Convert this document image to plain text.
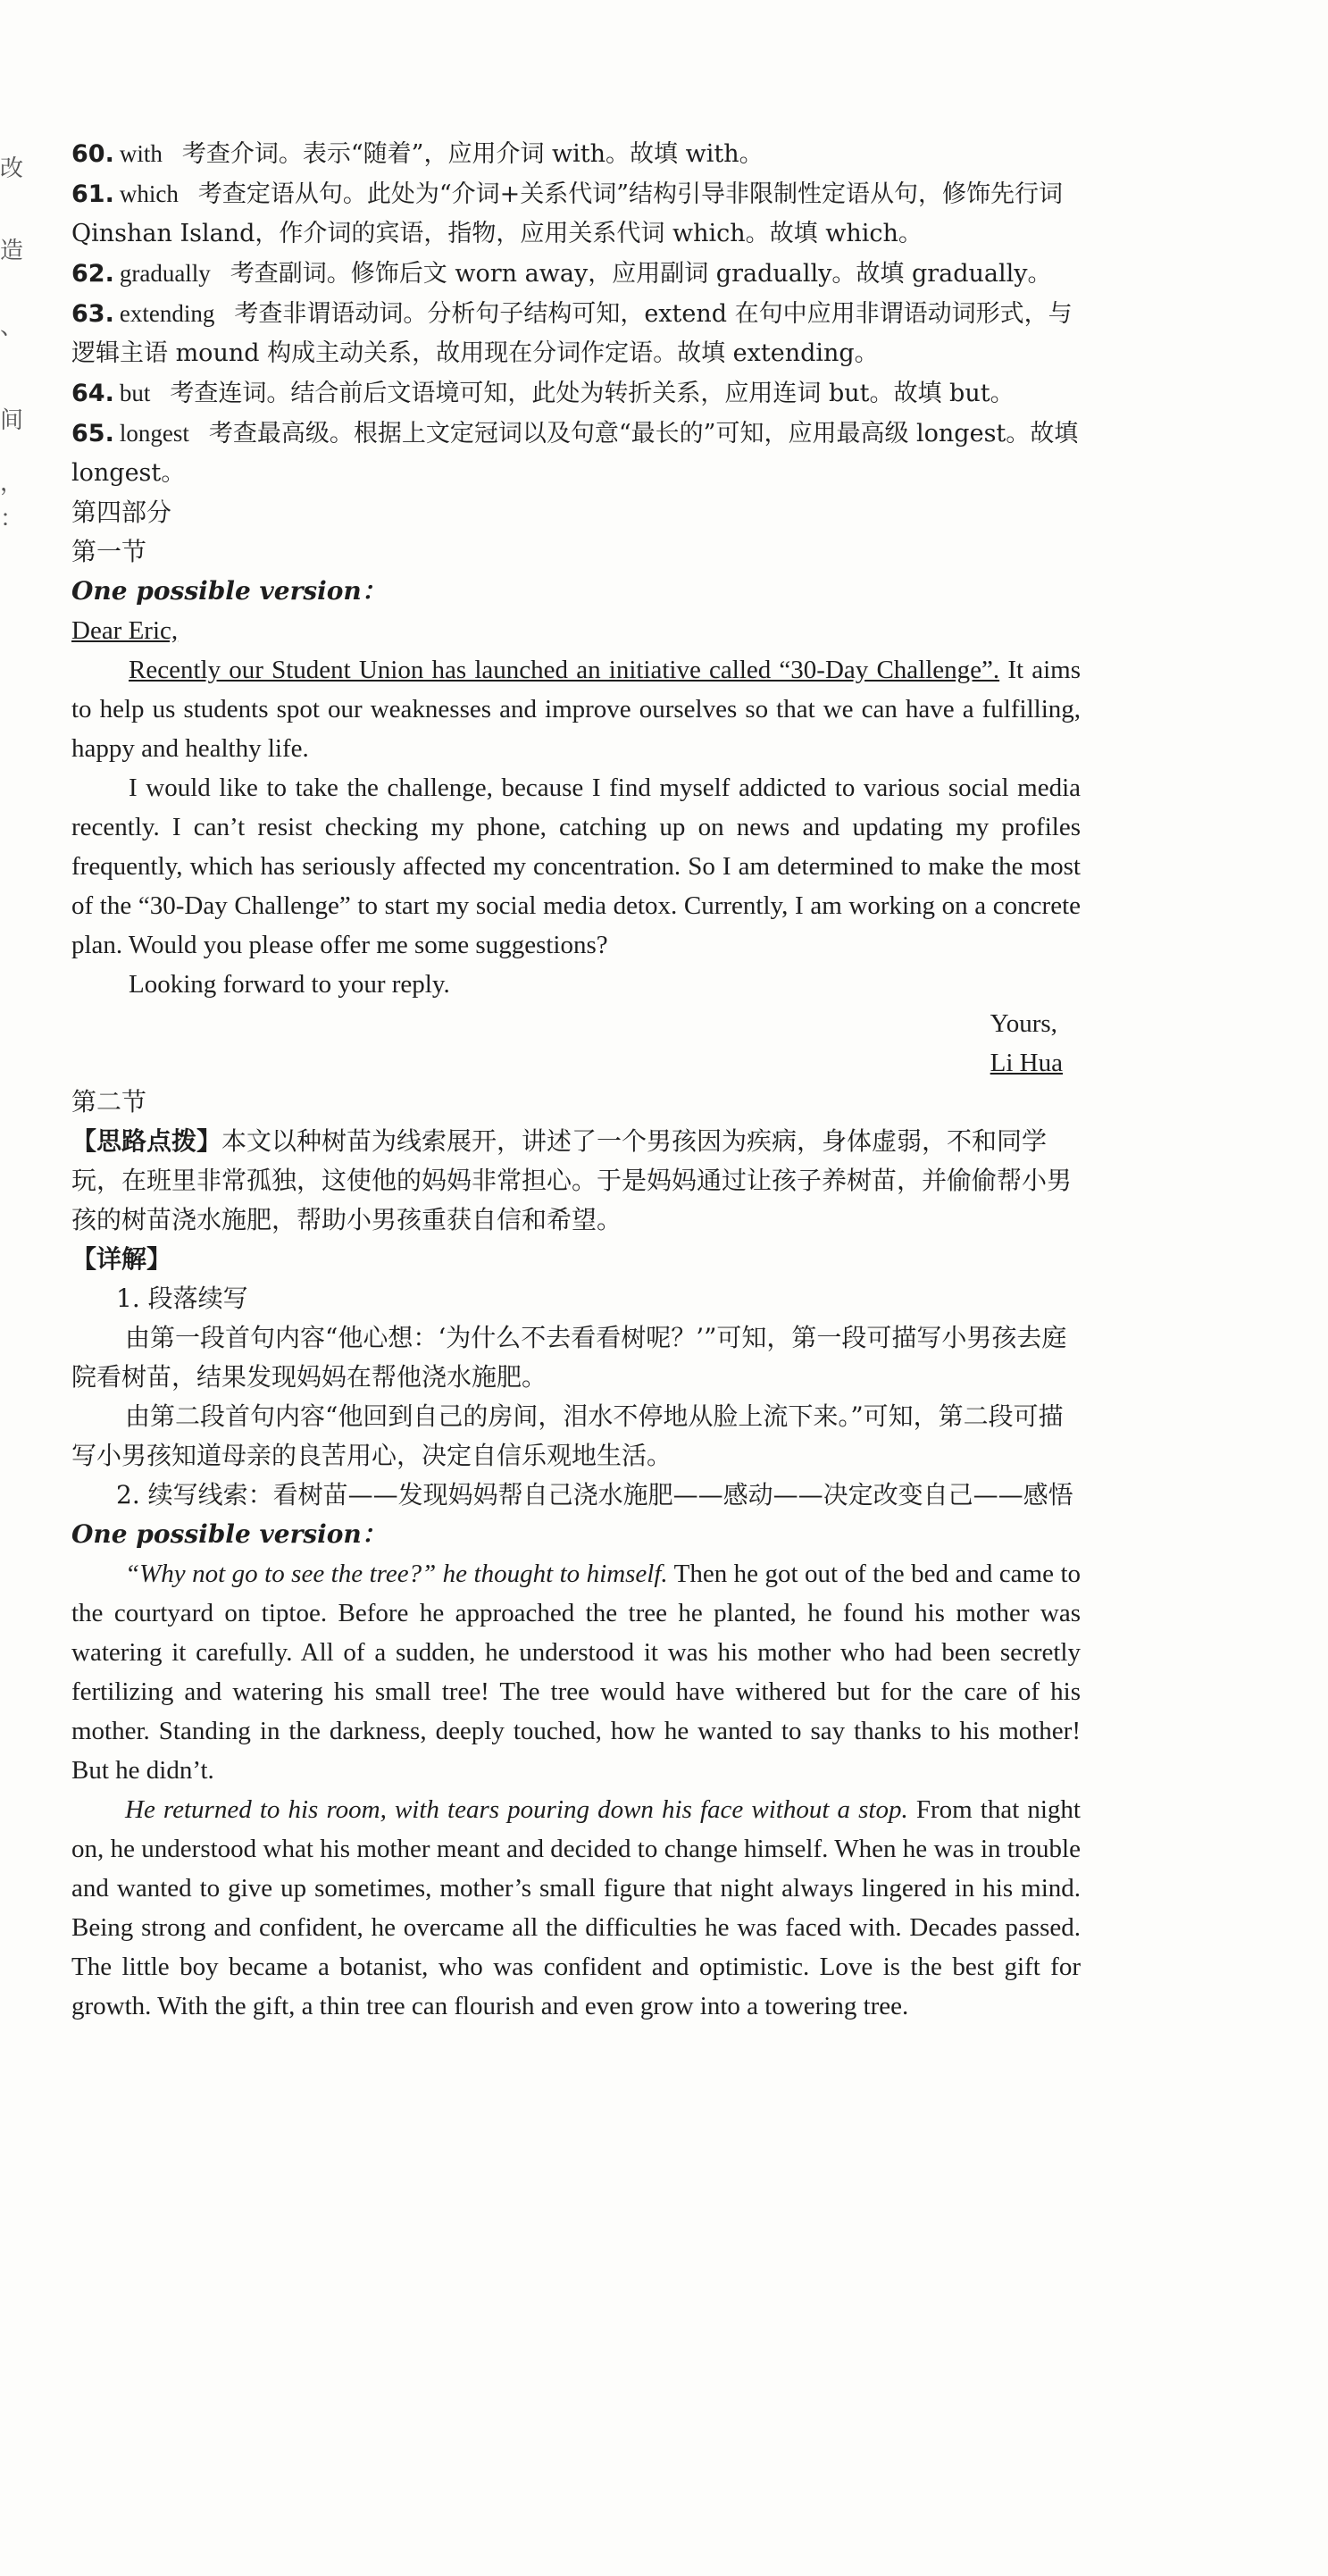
改
造
、
间
，
：
60. with 考查介词。表示“随着”，应用介词 with。故填 with。
61. which 考查定语从句。此处为“介词+关系代词”结构引导非限制性定语从句，修饰先行词 Qinshan Island，作介词的宾语，指物，应用关系代词 which。故填 which。
62. gradually 考查副词。修饰后文 worn away，应用副词 gradually。故填 gradually。
63. extending 考查非谓语动词。分析句子结构可知，extend 在句中应用非谓语动词形式，与逻辑主语 mound 构成主动关系，故用现在分词作定语。故填 extending。
64. but 考查连词。结合前后文语境可知，此处为转折关系，应用连词 but。故填 but。
65. longest 考查最高级。根据上文定冠词以及句意“最长的”可知，应用最高级 longest。故填 longest。
第四部分
第一节
One possible version：
Dear Eric,

Recently our Student Union has launched an initiative called “30-Day Challenge”. It aims to help us students spot our weaknesses and improve ourselves so that we can have a fulfilling, happy and healthy life.

I would like to take the challenge, because I find myself addicted to various social media recently. I can’t resist checking my phone, catching up on news and updating my profiles frequently, which has seriously affected my concentration. So I am determined to make the most of the “30-Day Challenge” to start my social media detox. Currently, I am working on a concrete plan. Would you please offer me some suggestions?

Looking forward to your reply.

Yours,
Li Hua
第二节
【思路点拨】本文以种树苗为线索展开，讲述了一个男孩因为疾病，身体虚弱，不和同学玩，在班里非常孤独，这使他的妈妈非常担心。于是妈妈通过让孩子养树苗，并偷偷帮小男孩的树苗浇水施肥，帮助小男孩重获自信和希望。
【详解】

1. 段落续写

由第一段首句内容“他心想：‘为什么不去看看树呢？’”可知，第一段可描写小男孩去庭院看树苗，结果发现妈妈在帮他浇水施肥。

由第二段首句内容“他回到自己的房间，泪水不停地从脸上流下来。”可知，第二段可描写小男孩知道母亲的良苦用心，决定自信乐观地生活。

2. 续写线索：看树苗——发现妈妈帮自己浇水施肥——感动——决定改变自己——感悟

One possible version：

“Why not go to see the tree?” he thought to himself. Then he got out of the bed and came to the courtyard on tiptoe. Before he approached the tree he planted, he found his mother was watering it carefully. All of a sudden, he understood it was his mother who had been secretly fertilizing and watering his small tree! The tree would have withered but for the care of his mother. Standing in the darkness, deeply touched, how he wanted to say thanks to his mother! But he didn’t.

He returned to his room, with tears pouring down his face without a stop. From that night on, he understood what his mother meant and decided to change himself. When he was in trouble and wanted to give up sometimes, mother’s small figure that night always lingered in his mind. Being strong and confident, he overcame all the difficulties he was faced with. Decades passed. The little boy became a botanist, who was confident and optimistic. Love is the best gift for growth. With the gift, a thin tree can flourish and even grow into a towering tree.
